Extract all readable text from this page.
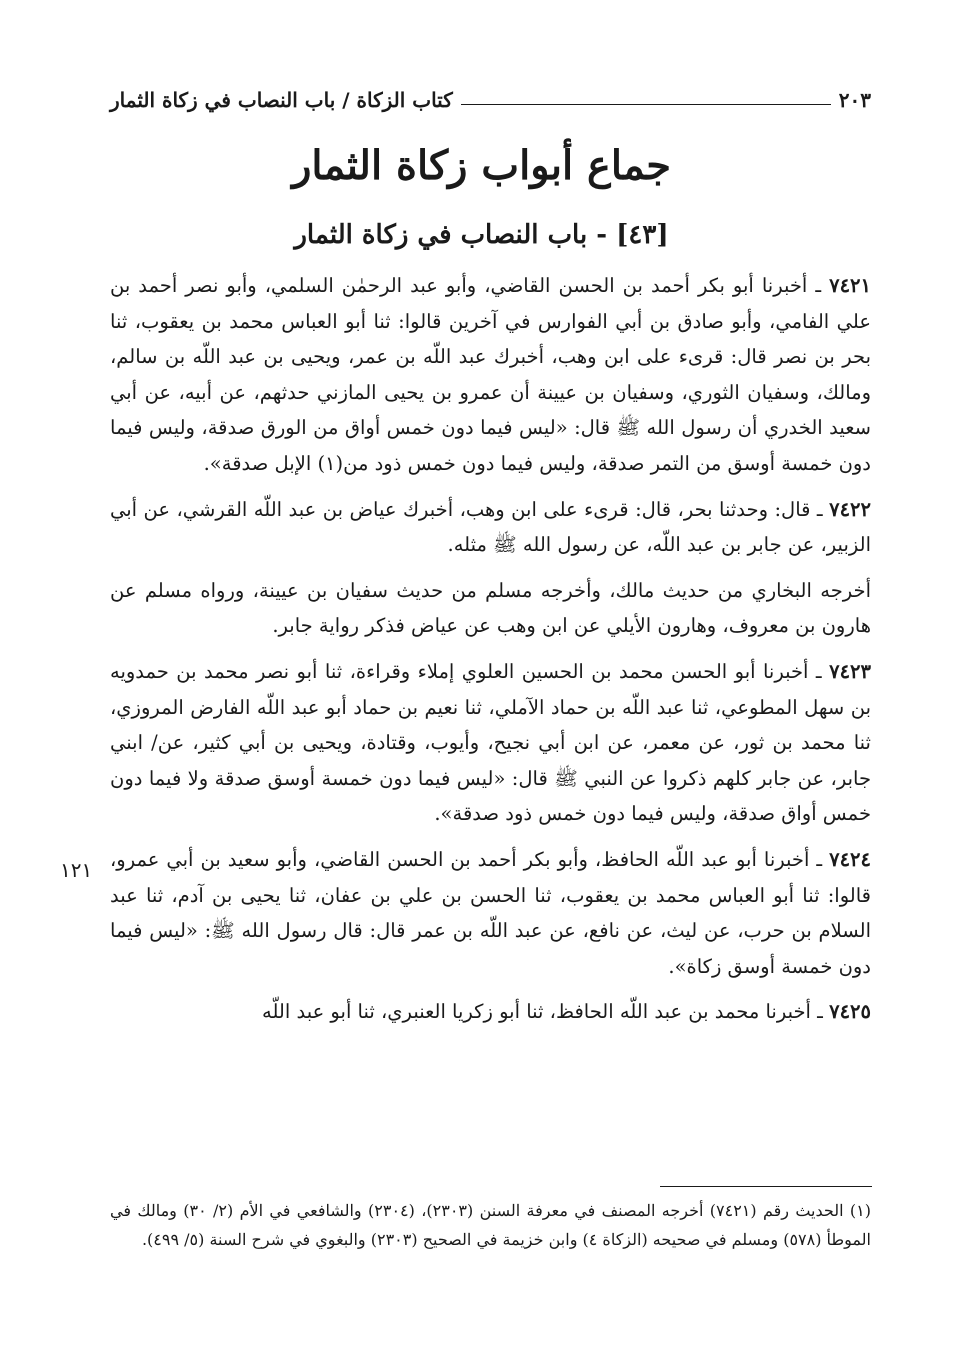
كتاب الزكاة / باب النصاب في زكاة الثمار	٢٠٣
جماع أبواب زكاة الثمار
[٤٣] - باب النصاب في زكاة الثمار

٧٤٢١ ـ أخبرنا أبو بكر أحمد بن الحسن القاضي، وأبو عبد الرحمٰن السلمي، وأبو نصر أحمد بن علي الفامي، وأبو صادق بن أبي الفوارس في آخرين قالوا: ثنا أبو العباس محمد بن يعقوب، ثنا بحر بن نصر قال: قرىء على ابن وهب، أخبرك عبد اللّه بن عمر، ويحيى بن عبد اللّه بن سالم، ومالك، وسفيان الثوري، وسفيان بن عيينة أن عمرو بن يحيى المازني حدثهم، عن أبيه، عن أبي سعيد الخدري أن رسول الله ﷺ قال: «ليس فيما دون خمس أواق من الورق صدقة، وليس فيما دون خمسة أوسق من التمر صدقة، وليس فيما دون خمس ذود من(١) الإبل صدقة».

٧٤٢٢ ـ قال: وحدثنا بحر، قال: قرىء على ابن وهب، أخبرك عياض بن عبد اللّه القرشي، عن أبي الزبير، عن جابر بن عبد اللّه، عن رسول الله ﷺ مثله.

أخرجه البخاري من حديث مالك، وأخرجه مسلم من حديث سفيان بن عيينة، ورواه مسلم عن هارون بن معروف، وهارون الأيلي عن ابن وهب عن عياض فذكر رواية جابر.

٧٤٢٣ ـ أخبرنا أبو الحسن محمد بن الحسين العلوي إملاء وقراءة، ثنا أبو نصر محمد بن حمدويه بن سهل المطوعي، ثنا عبد اللّه بن حماد الآملي، ثنا نعيم بن حماد أبو عبد اللّه الفارض المروزي، ثنا محمد بن ثور، عن معمر، عن ابن أبي نجيح، وأيوب، وقتادة، ويحيى بن أبي كثير، عن/ ابني جابر، عن جابر كلهم ذكروا عن النبي ﷺ قال: «ليس فيما دون خمسة أوسق صدقة ولا فيما دون خمس أواق صدقة، وليس فيما دون خمس ذود صدقة».

٧٤٢٤ ـ أخبرنا أبو عبد اللّه الحافظ، وأبو بكر أحمد بن الحسن القاضي، وأبو سعيد بن أبي عمرو، قالوا: ثنا أبو العباس محمد بن يعقوب، ثنا الحسن بن علي بن عفان، ثنا يحيى بن آدم، ثنا عبد السلام بن حرب، عن ليث، عن نافع، عن عبد اللّه بن عمر قال: قال رسول الله ﷺ: «ليس فيما دون خمسة أوسق زكاة».

٧٤٢٥ ـ أخبرنا محمد بن عبد اللّه الحافظ، ثنا أبو زكريا العنبري، ثنا أبو عبد اللّه

١٢١

(١) الحديث رقم (٧٤٢١) أخرجه المصنف في معرفة السنن (٢٣٠٣)، (٢٣٠٤) والشافعي في الأم (٢/ ٣٠) ومالك في الموطأ (٥٧٨) ومسلم في صحيحه (الزكاة ٤) وابن خزيمة في الصحيح (٢٣٠٣) والبغوي في شرح السنة (٥/ ٤٩٩).
